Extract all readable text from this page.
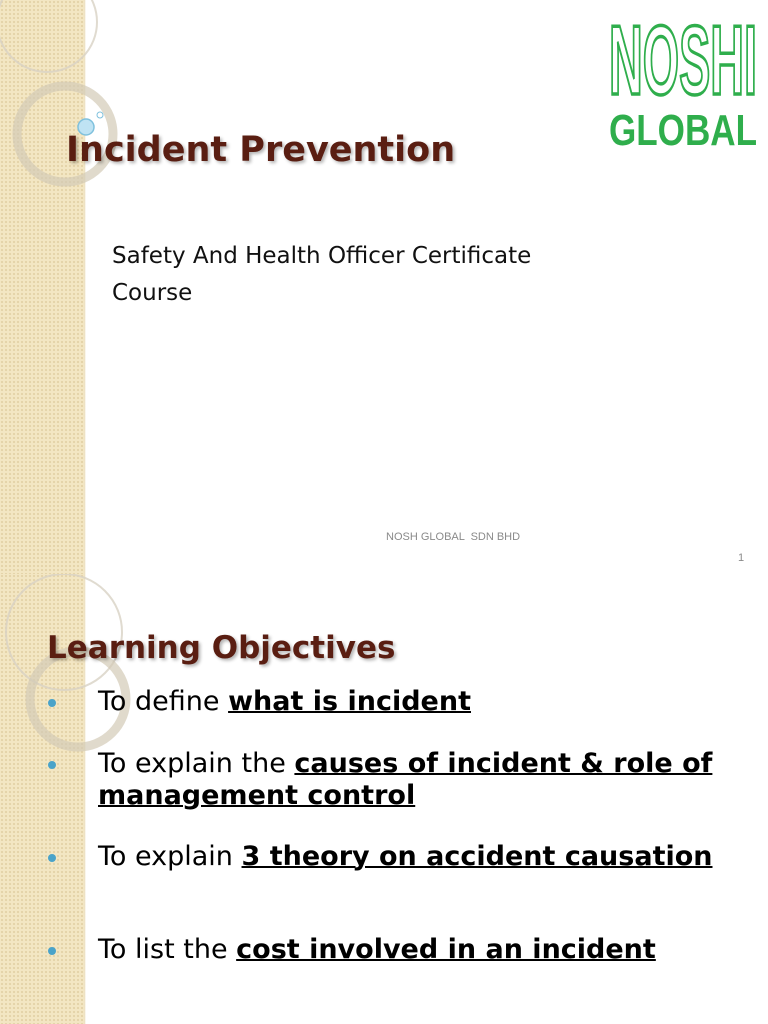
Incident Prevention
Safety And Health Officer Certificate Course
NOSH GLOBAL  SDN BHD
1
NOSHI
GLOBAL
Learning Objectives
To define what is incident
To explain the causes of incident & role of management control
To explain 3 theory on accident causation
To list the cost involved in an incident
